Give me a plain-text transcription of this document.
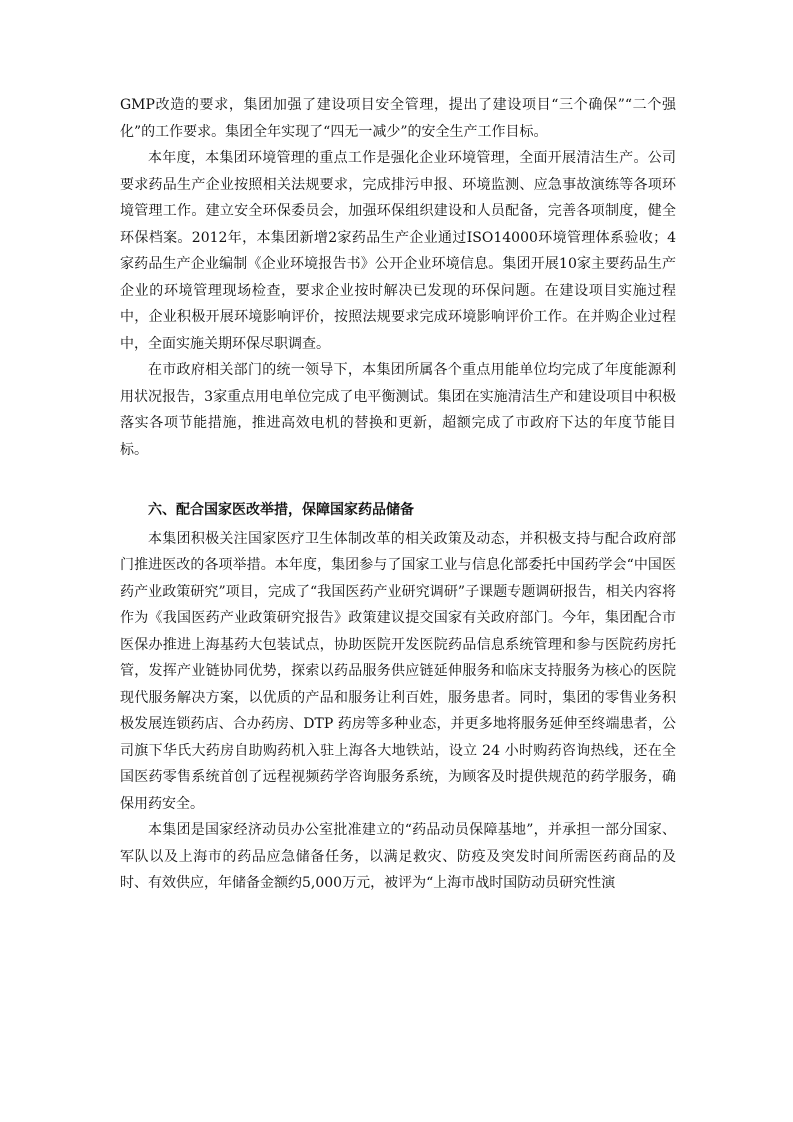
GMP改造的要求，集团加强了建设项目安全管理，提出了建设项目“三个确保”“二个强化”的工作要求。集团全年实现了“四无一减少”的安全生产工作目标。

本年度，本集团环境管理的重点工作是强化企业环境管理，全面开展清洁生产。公司要求药品生产企业按照相关法规要求，完成排污申报、环境监测、应急事故演练等各项环境管理工作。建立安全环保委员会，加强环保组织建设和人员配备，完善各项制度，健全环保档案。2012年，本集团新增2家药品生产企业通过ISO14000环境管理体系验收；4家药品生产企业编制《企业环境报告书》公开企业环境信息。集团开展10家主要药品生产企业的环境管理现场检查，要求企业按时解决已发现的环保问题。在建设项目实施过程中，企业积极开展环境影响评价，按照法规要求完成环境影响评价工作。在并购企业过程中，全面实施关期环保尽职调查。

在市政府相关部门的统一领导下，本集团所属各个重点用能单位均完成了年度能源利用状况报告，3家重点用电单位完成了电平衡测试。集团在实施清洁生产和建设项目中积极落实各项节能措施，推进高效电机的替换和更新，超额完成了市政府下达的年度节能目标。

六、配合国家医改举措，保障国家药品储备

本集团积极关注国家医疗卫生体制改革的相关政策及动态，并积极支持与配合政府部门推进医改的各项举措。本年度，集团参与了国家工业与信息化部委托中国药学会“中国医药产业政策研究”项目，完成了“我国医药产业研究调研”子课题专题调研报告，相关内容将作为《我国医药产业政策研究报告》政策建议提交国家有关政府部门。今年，集团配合市医保办推进上海基药大包装试点，协助医院开发医院药品信息系统管理和参与医院药房托管，发挥产业链协同优势，探索以药品服务供应链延伸服务和临床支持服务为核心的医院现代服务解决方案，以优质的产品和服务让利百姓，服务患者。同时，集团的零售业务积极发展连锁药店、合办药房、DTP 药房等多种业态，并更多地将服务延伸至终端患者，公司旗下华氏大药房自助购药机入驻上海各大地铁站，设立 24 小时购药咨询热线，还在全国医药零售系统首创了远程视频药学咨询服务系统，为顾客及时提供规范的药学服务，确保用药安全。

本集团是国家经济动员办公室批准建立的“药品动员保障基地”，并承担一部分国家、军队以及上海市的药品应急储备任务，以满足救灾、防疫及突发时间所需医药商品的及时、有效供应，年储备金额约5,000万元，被评为“上海市战时国防动员研究性演
